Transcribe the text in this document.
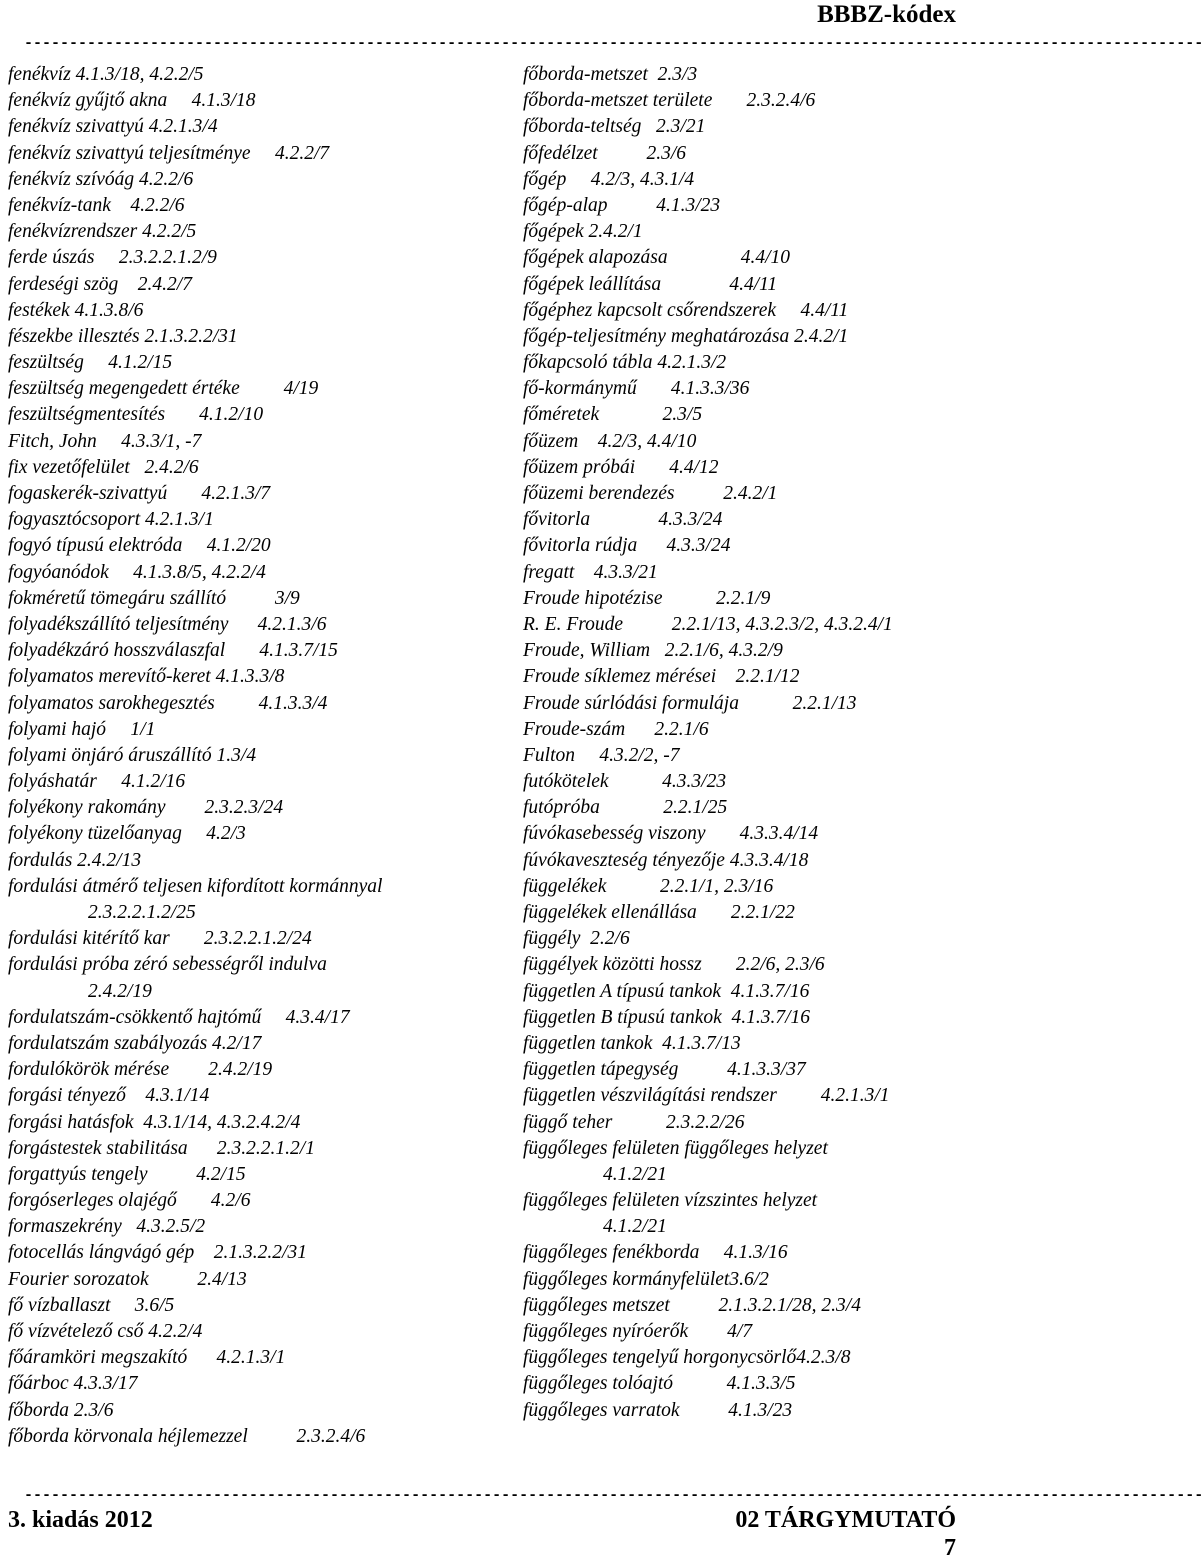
BBBZ-kódex
-----------------------------------------------------------------------------------------------------------------------------------
fenékvíz 4.1.3/18, 4.2.2/5
fenékvíz gyűjtő akna     4.1.3/18
fenékvíz szivattyú 4.2.1.3/4
fenékvíz szivattyú teljesítménye     4.2.2/7
fenékvíz szívóág 4.2.2/6
fenékvíz-tank    4.2.2/6
fenékvízrendszer 4.2.2/5
ferde úszás     2.3.2.2.1.2/9
ferdeségi szög    2.4.2/7
festékek 4.1.3.8/6
fészekbe illesztés 2.1.3.2.2/31
feszültség     4.1.2/15
feszültség megengedett értéke         4/19
feszültségmentesítés       4.1.2/10
Fitch, John     4.3.3/1, -7
fix vezetőfelület   2.4.2/6
fogaskerék-szivattyú       4.2.1.3/7
fogyasztócsoport 4.2.1.3/1
fogyó típusú elektróda     4.1.2/20
fogyóanódok     4.1.3.8/5, 4.2.2/4
fokméretű tömegáru szállító          3/9
folyadékszállító teljesítmény      4.2.1.3/6
folyadékzáró hosszválaszfal       4.1.3.7/15
folyamatos merevítő-keret 4.1.3.3/8
folyamatos sarokhegesztés         4.1.3.3/4
folyami hajó     1/1
folyami önjáró áruszállító 1.3/4
folyáshatár     4.1.2/16
folyékony rakomány        2.3.2.3/24
folyékony tüzelőanyag     4.2/3
fordulás 2.4.2/13
fordulási átmérő teljesen kifordított kormánnyal
2.3.2.2.1.2/25
fordulási kitérítő kar       2.3.2.2.1.2/24
fordulási próba zéró sebességről indulva
2.4.2/19
fordulatszám-csökkentő hajtómű     4.3.4/17
fordulatszám szabályozás 4.2/17
fordulókörök mérése        2.4.2/19
forgási tényező    4.3.1/14
forgási hatásfok  4.3.1/14, 4.3.2.4.2/4
forgástestek stabilitása      2.3.2.2.1.2/1
forgattyús tengely          4.2/15
forgóserleges olajégő       4.2/6
formaszekrény   4.3.2.5/2
fotocellás lángvágó gép    2.1.3.2.2/31
Fourier sorozatok          2.4/13
fő vízballaszt     3.6/5
fő vízvételező cső 4.2.2/4
főáramköri megszakító      4.2.1.3/1
főárboc 4.3.3/17
főborda 2.3/6
főborda körvonala héjlemezzel          2.3.2.4/6
főborda-metszet  2.3/3
főborda-metszet területe       2.3.2.4/6
főborda-teltség   2.3/21
főfedélzet          2.3/6
főgép     4.2/3, 4.3.1/4
főgép-alap          4.1.3/23
főgépek 2.4.2/1
főgépek alapozása               4.4/10
főgépek leállítása              4.4/11
főgéphez kapcsolt csőrendszerek     4.4/11
főgép-teljesítmény meghatározása 2.4.2/1
főkapcsoló tábla 4.2.1.3/2
fő-kormánymű       4.1.3.3/36
főméretek             2.3/5
főüzem    4.2/3, 4.4/10
főüzem próbái       4.4/12
főüzemi berendezés          2.4.2/1
fővitorla              4.3.3/24
fővitorla rúdja      4.3.3/24
fregatt    4.3.3/21
Froude hipotézise           2.2.1/9
R. E. Froude          2.2.1/13, 4.3.2.3/2, 4.3.2.4/1
Froude, William   2.2.1/6, 4.3.2/9
Froude síklemez mérései    2.2.1/12
Froude súrlódási formulája           2.2.1/13
Froude-szám      2.2.1/6
Fulton     4.3.2/2, -7
futókötelek           4.3.3/23
futópróba             2.2.1/25
fúvókasebesség viszony       4.3.3.4/14
fúvókaveszteség tényezője 4.3.3.4/18
függelékek           2.2.1/1, 2.3/16
függelékek ellenállása       2.2.1/22
függély  2.2/6
függélyek közötti hossz       2.2/6, 2.3/6
független A típusú tankok  4.1.3.7/16
független B típusú tankok  4.1.3.7/16
független tankok  4.1.3.7/13
független tápegység          4.1.3.3/37
független vészvilágítási rendszer         4.2.1.3/1
függő teher           2.3.2.2/26
függőleges felületen függőleges helyzet
4.1.2/21
függőleges felületen vízszintes helyzet
4.1.2/21
függőleges fenékborda     4.1.3/16
függőleges kormányfelület3.6/2
függőleges metszet          2.1.3.2.1/28, 2.3/4
függőleges nyíróerők        4/7
függőleges tengelyű horgonycsörlő4.2.3/8
függőleges tolóajtó           4.1.3.3/5
függőleges varratok          4.1.3/23
-----------------------------------------------------------------------------------------------------------------------------------
3. kiadás 2012	02 TÁRGYMUTATÓ
7
